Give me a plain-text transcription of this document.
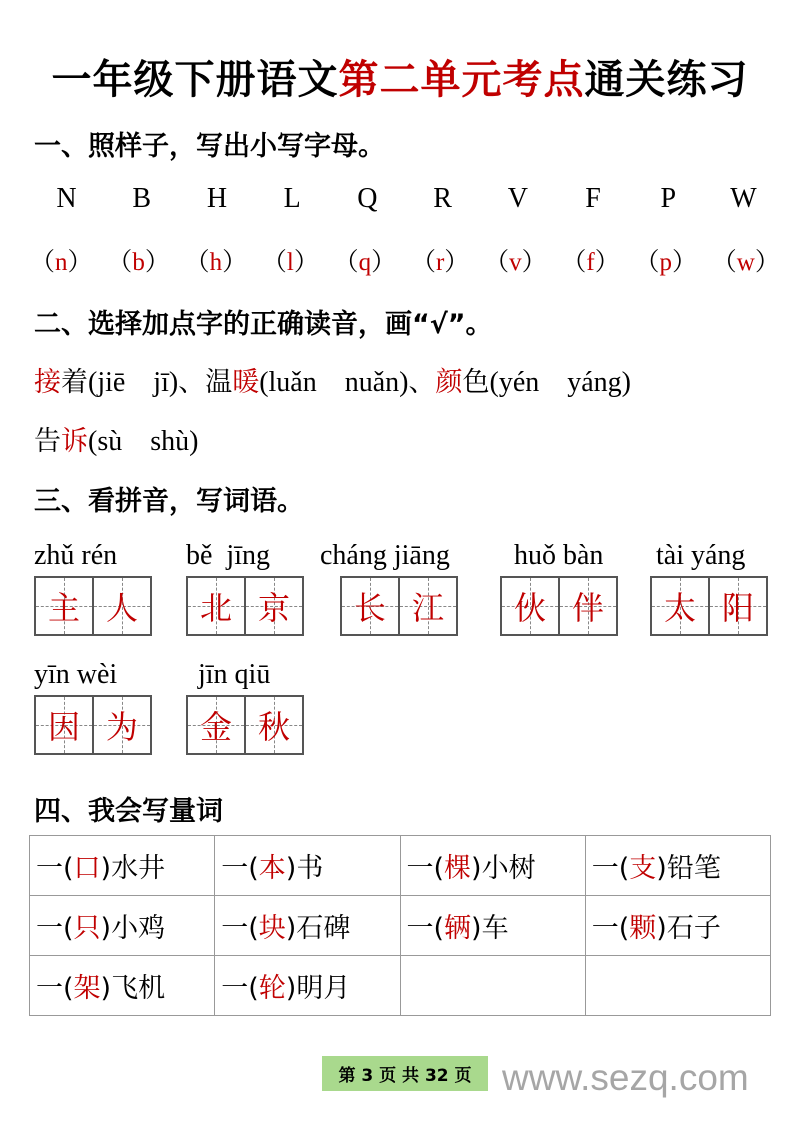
一年级下册语文第二单元考点通关练习
一、照样子，写出小写字母。
N	B	H	L	Q	R	V	F	P	W
（n） （b） （h） （l） （q） （r） （v） （f） （p） （w）
二、选择加点字的正确读音，画“√”。
接着(jiē　jī)、温暖(luǎn　nuǎn)、颜色(yén　yáng)
告诉(sù　shù)
三、看拼音，写词语。
zhǔ rén
主 人
bě  jīng
北 京
cháng jiāng
长 江
huǒ bàn
伙 伴
tài yáng
太 阳
yīn wèi
因 为
jīn qiū
金 秋
四、我会写量词
一(口)水井	一(本)书	一(棵)小树	一(支)铅笔
一(只)小鸡	一(块)石碑	一(辆)车	一(颗)石子
一(架)飞机	一(轮)明月		
第 3 页 共 32 页 www.sezq.com
